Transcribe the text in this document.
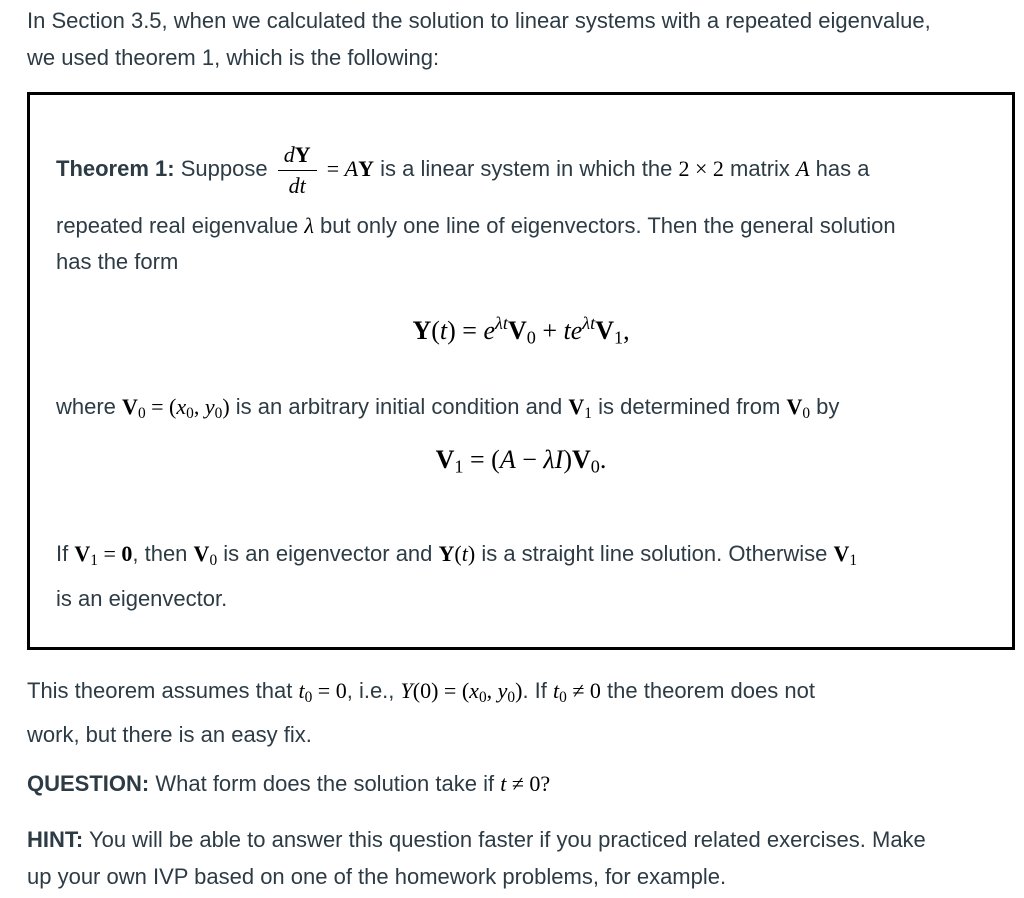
In Section 3.5, when we calculated the solution to linear systems with a repeated eigenvalue,
we used theorem 1, which is the following:

Theorem 1: Suppose $\frac{dY}{dt}$ = AY is a linear system in which the 2 × 2 matrix A has a

repeated real eigenvalue λ but only one line of eigenvectors. Then the general solution
has the form

$Y(t) = e^{\lambda t}V_0 + te^{\lambda t}V_1$,

where $V_0 = (x_0$, $y_0$) is an arbitrary initial condition and $V_1$ is determined from $V_0$ by

$V_1 = (A - \lambda I)V_0$.

If $V_1 = 0$, then $V_0$ is an eigenvector and Y(t) is a straight line solution. Otherwise $V_1$
is an eigenvector.

This theorem assumes that $t_0 = 0$, i.e., $Y(0) = (x_0$, $y_0$). If $t_0 \ne 0$ the theorem does not
work, but there is an easy fix.

QUESTION: What form does the solution take if t ≠ 0?

HINT: You will be able to answer this question faster if you practiced related exercises. Make
up your own IVP based on one of the homework problems, for example.
